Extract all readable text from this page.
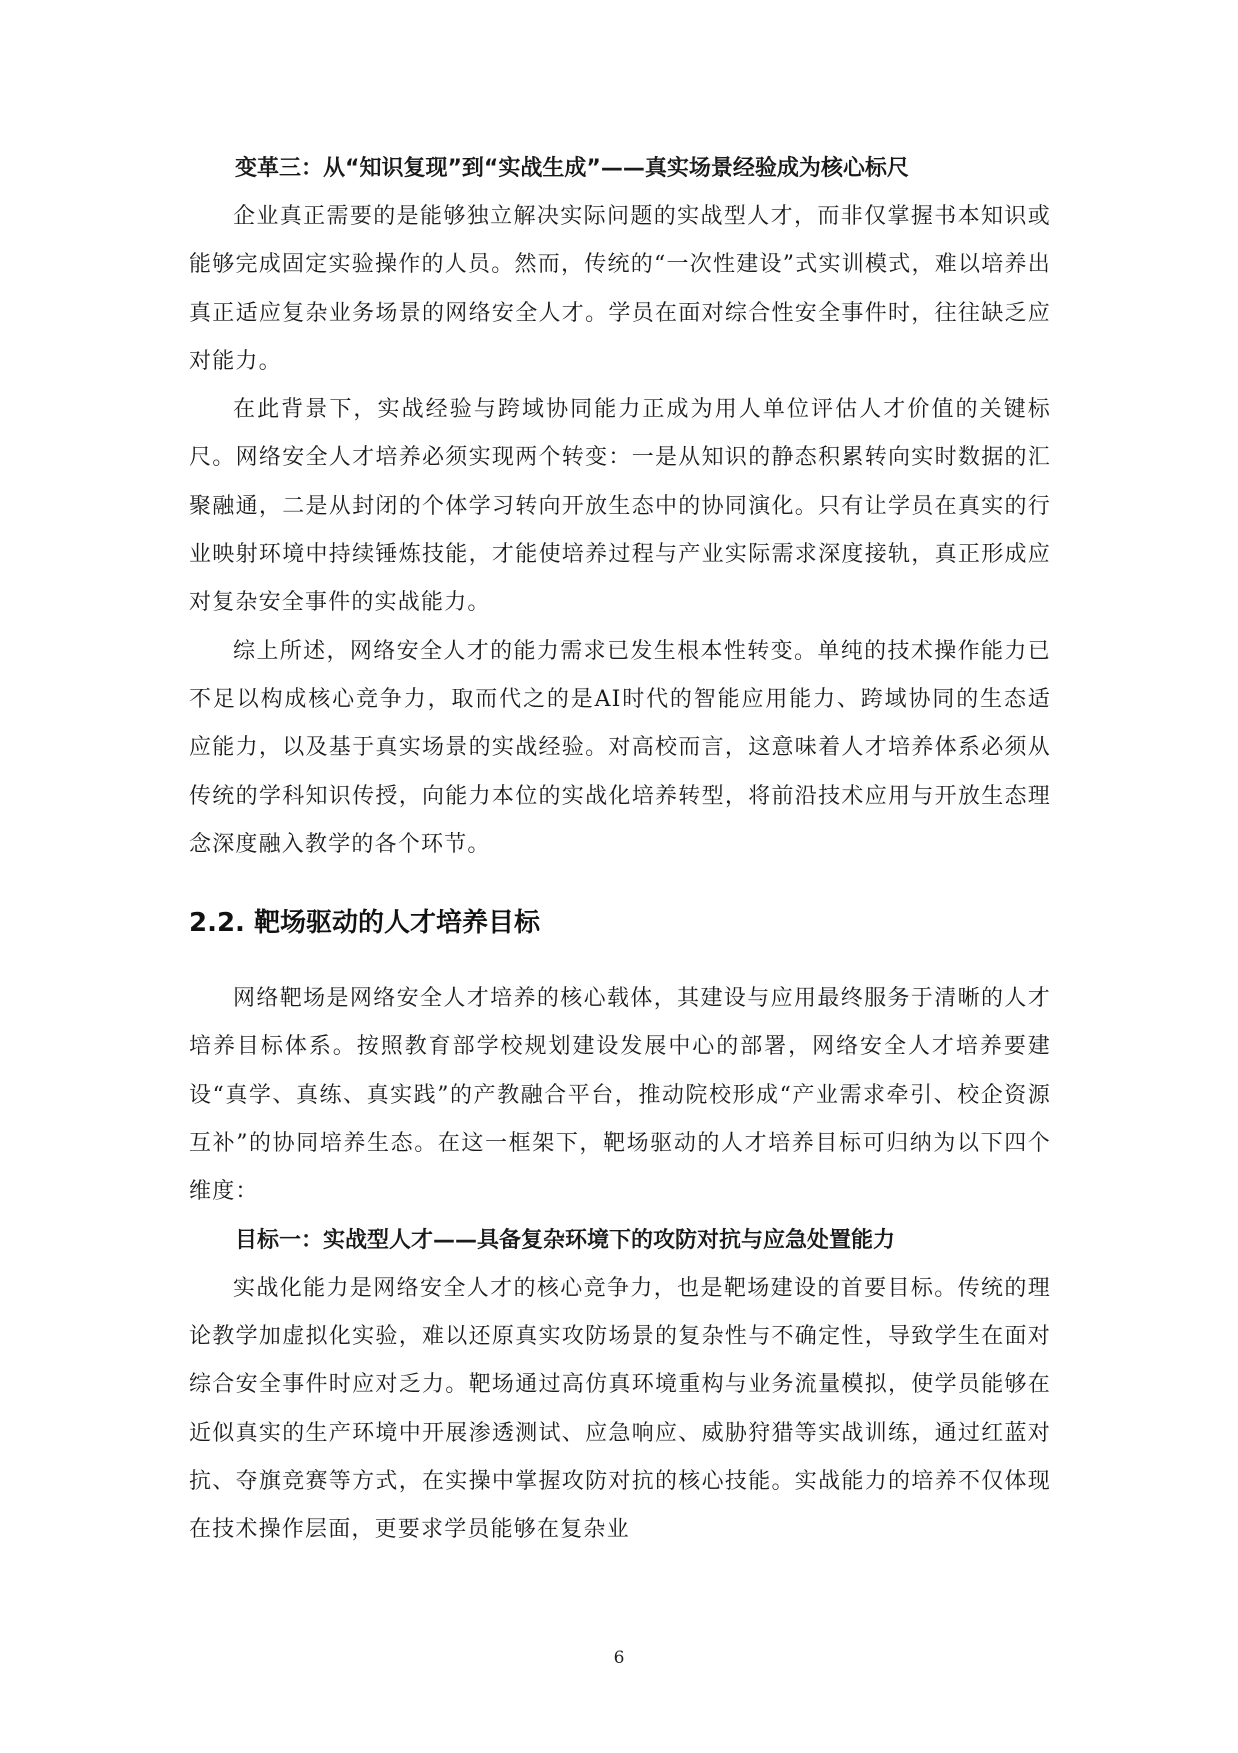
变革三：从“知识复现”到“实战生成”——真实场景经验成为核心标尺

企业真正需要的是能够独立解决实际问题的实战型人才，而非仅掌握书本知识或能够完成固定实验操作的人员。然而，传统的“一次性建设”式实训模式，难以培养出真正适应复杂业务场景的网络安全人才。学员在面对综合性安全事件时，往往缺乏应对能力。

在此背景下，实战经验与跨域协同能力正成为用人单位评估人才价值的关键标尺。网络安全人才培养必须实现两个转变：一是从知识的静态积累转向实时数据的汇聚融通，二是从封闭的个体学习转向开放生态中的协同演化。只有让学员在真实的行业映射环境中持续锤炼技能，才能使培养过程与产业实际需求深度接轨，真正形成应对复杂安全事件的实战能力。

综上所述，网络安全人才的能力需求已发生根本性转变。单纯的技术操作能力已不足以构成核心竞争力，取而代之的是AI时代的智能应用能力、跨域协同的生态适应能力，以及基于真实场景的实战经验。对高校而言，这意味着人才培养体系必须从传统的学科知识传授，向能力本位的实战化培养转型，将前沿技术应用与开放生态理念深度融入教学的各个环节。

2.2. 靶场驱动的人才培养目标

网络靶场是网络安全人才培养的核心载体，其建设与应用最终服务于清晰的人才培养目标体系。按照教育部学校规划建设发展中心的部署，网络安全人才培养要建设“真学、真练、真实践”的产教融合平台，推动院校形成“产业需求牵引、校企资源互补”的协同培养生态。在这一框架下，靶场驱动的人才培养目标可归纳为以下四个维度：

目标一：实战型人才——具备复杂环境下的攻防对抗与应急处置能力

实战化能力是网络安全人才的核心竞争力，也是靶场建设的首要目标。传统的理论教学加虚拟化实验，难以还原真实攻防场景的复杂性与不确定性，导致学生在面对综合安全事件时应对乏力。靶场通过高仿真环境重构与业务流量模拟，使学员能够在近似真实的生产环境中开展渗透测试、应急响应、威胁狩猎等实战训练，通过红蓝对抗、夺旗竞赛等方式，在实操中掌握攻防对抗的核心技能。实战能力的培养不仅体现在技术操作层面，更要求学员能够在复杂业

6
